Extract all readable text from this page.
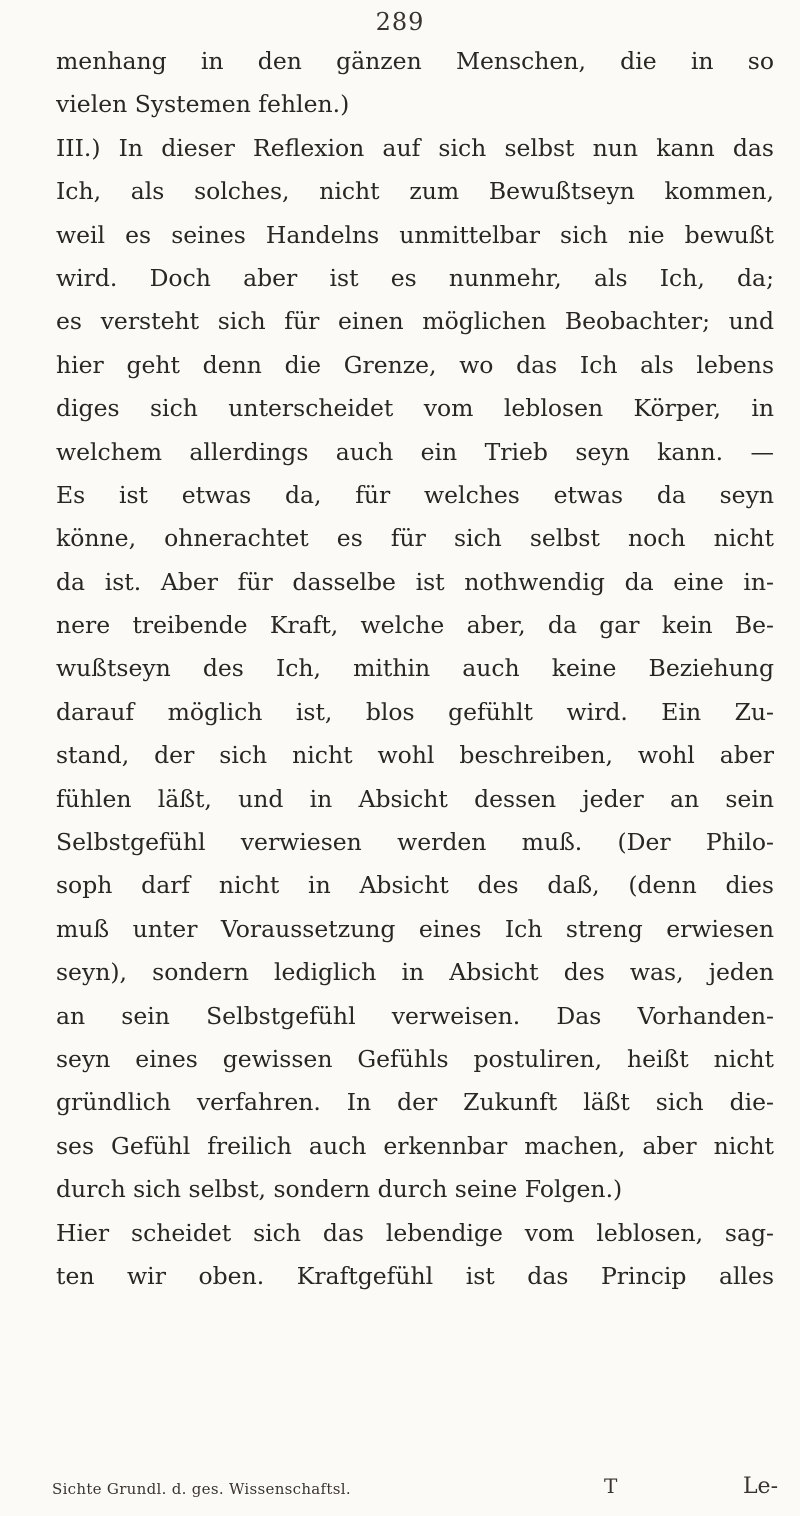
289
menhang in den gänzen Menschen, die in so
vielen Systemen fehlen.)
III.) In dieser Reflexion auf sich selbst nun kann das
Ich, als solches, nicht zum Bewußtseyn kommen,
weil es seines Handelns unmittelbar sich nie bewußt
wird. Doch aber ist es nunmehr, als Ich, da;
es versteht sich für einen möglichen Beobachter; und
hier geht denn die Grenze, wo das Ich als lebens
diges sich unterscheidet vom leblosen Körper, in
welchem allerdings auch ein Trieb seyn kann. —
Es ist etwas da, für welches etwas da seyn
könne, ohnerachtet es für sich selbst noch nicht
da ist. Aber für dasselbe ist nothwendig da eine in-
nere treibende Kraft, welche aber, da gar kein Be-
wußtseyn des Ich, mithin auch keine Beziehung
darauf möglich ist, blos gefühlt wird. Ein Zu-
stand, der sich nicht wohl beschreiben, wohl aber
fühlen läßt, und in Absicht dessen jeder an sein
Selbstgefühl verwiesen werden muß. (Der Philo-
soph darf nicht in Absicht des daß, (denn dies
muß unter Voraussetzung eines Ich streng erwiesen
seyn), sondern lediglich in Absicht des was, jeden
an sein Selbstgefühl verweisen. Das Vorhanden-
seyn eines gewissen Gefühls postuliren, heißt nicht
gründlich verfahren. In der Zukunft läßt sich die-
ses Gefühl freilich auch erkennbar machen, aber nicht
durch sich selbst, sondern durch seine Folgen.)
Hier scheidet sich das lebendige vom leblosen, sag-
ten wir oben. Kraftgefühl ist das Princip alles
Sichte Grundl. d. ges. Wissenschaftsl.	T	Le-
